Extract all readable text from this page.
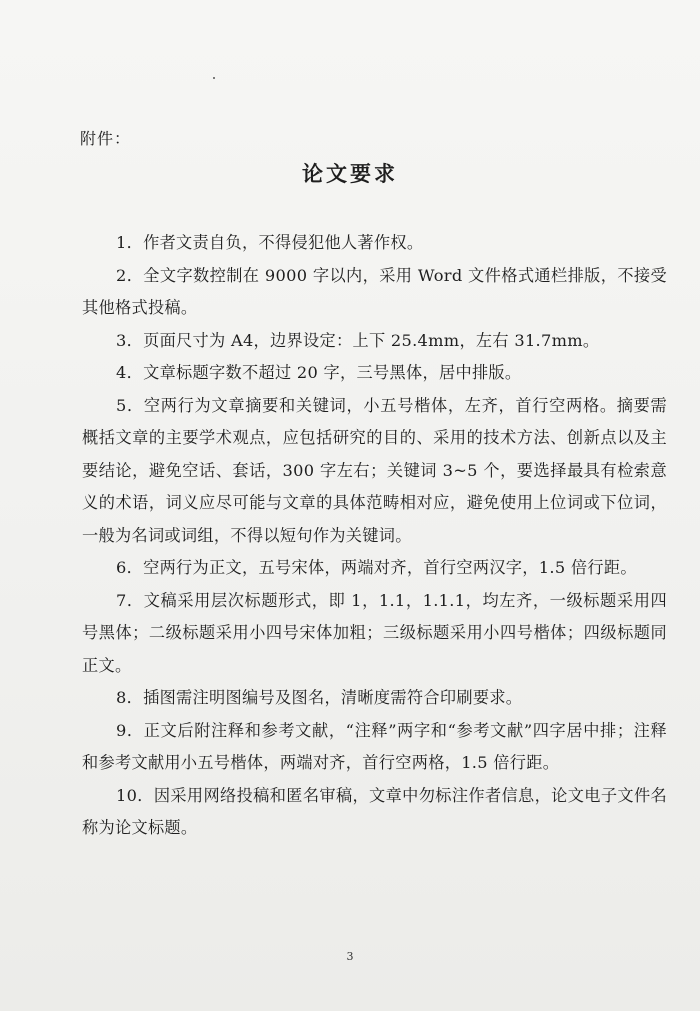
附件：
论文要求

1．作者文责自负，不得侵犯他人著作权。

2．全文字数控制在 9000 字以内，采用 Word 文件格式通栏排版，不接受其他格式投稿。

3．页面尺寸为 A4，边界设定：上下 25.4mm，左右 31.7mm。

4．文章标题字数不超过 20 字，三号黑体，居中排版。

5．空两行为文章摘要和关键词，小五号楷体，左齐，首行空两格。摘要需概括文章的主要学术观点，应包括研究的目的、采用的技术方法、创新点以及主要结论，避免空话、套话，300 字左右；关键词 3~5 个，要选择最具有检索意义的术语，词义应尽可能与文章的具体范畴相对应，避免使用上位词或下位词，一般为名词或词组，不得以短句作为关键词。

6．空两行为正文，五号宋体，两端对齐，首行空两汉字，1.5 倍行距。

7．文稿采用层次标题形式，即 1，1.1，1.1.1，均左齐，一级标题采用四号黑体；二级标题采用小四号宋体加粗；三级标题采用小四号楷体；四级标题同正文。

8．插图需注明图编号及图名，清晰度需符合印刷要求。

9．正文后附注释和参考文献，“注释”两字和“参考文献”四字居中排；注释和参考文献用小五号楷体，两端对齐，首行空两格，1.5 倍行距。

10．因采用网络投稿和匿名审稿，文章中勿标注作者信息，论文电子文件名称为论文标题。

3
